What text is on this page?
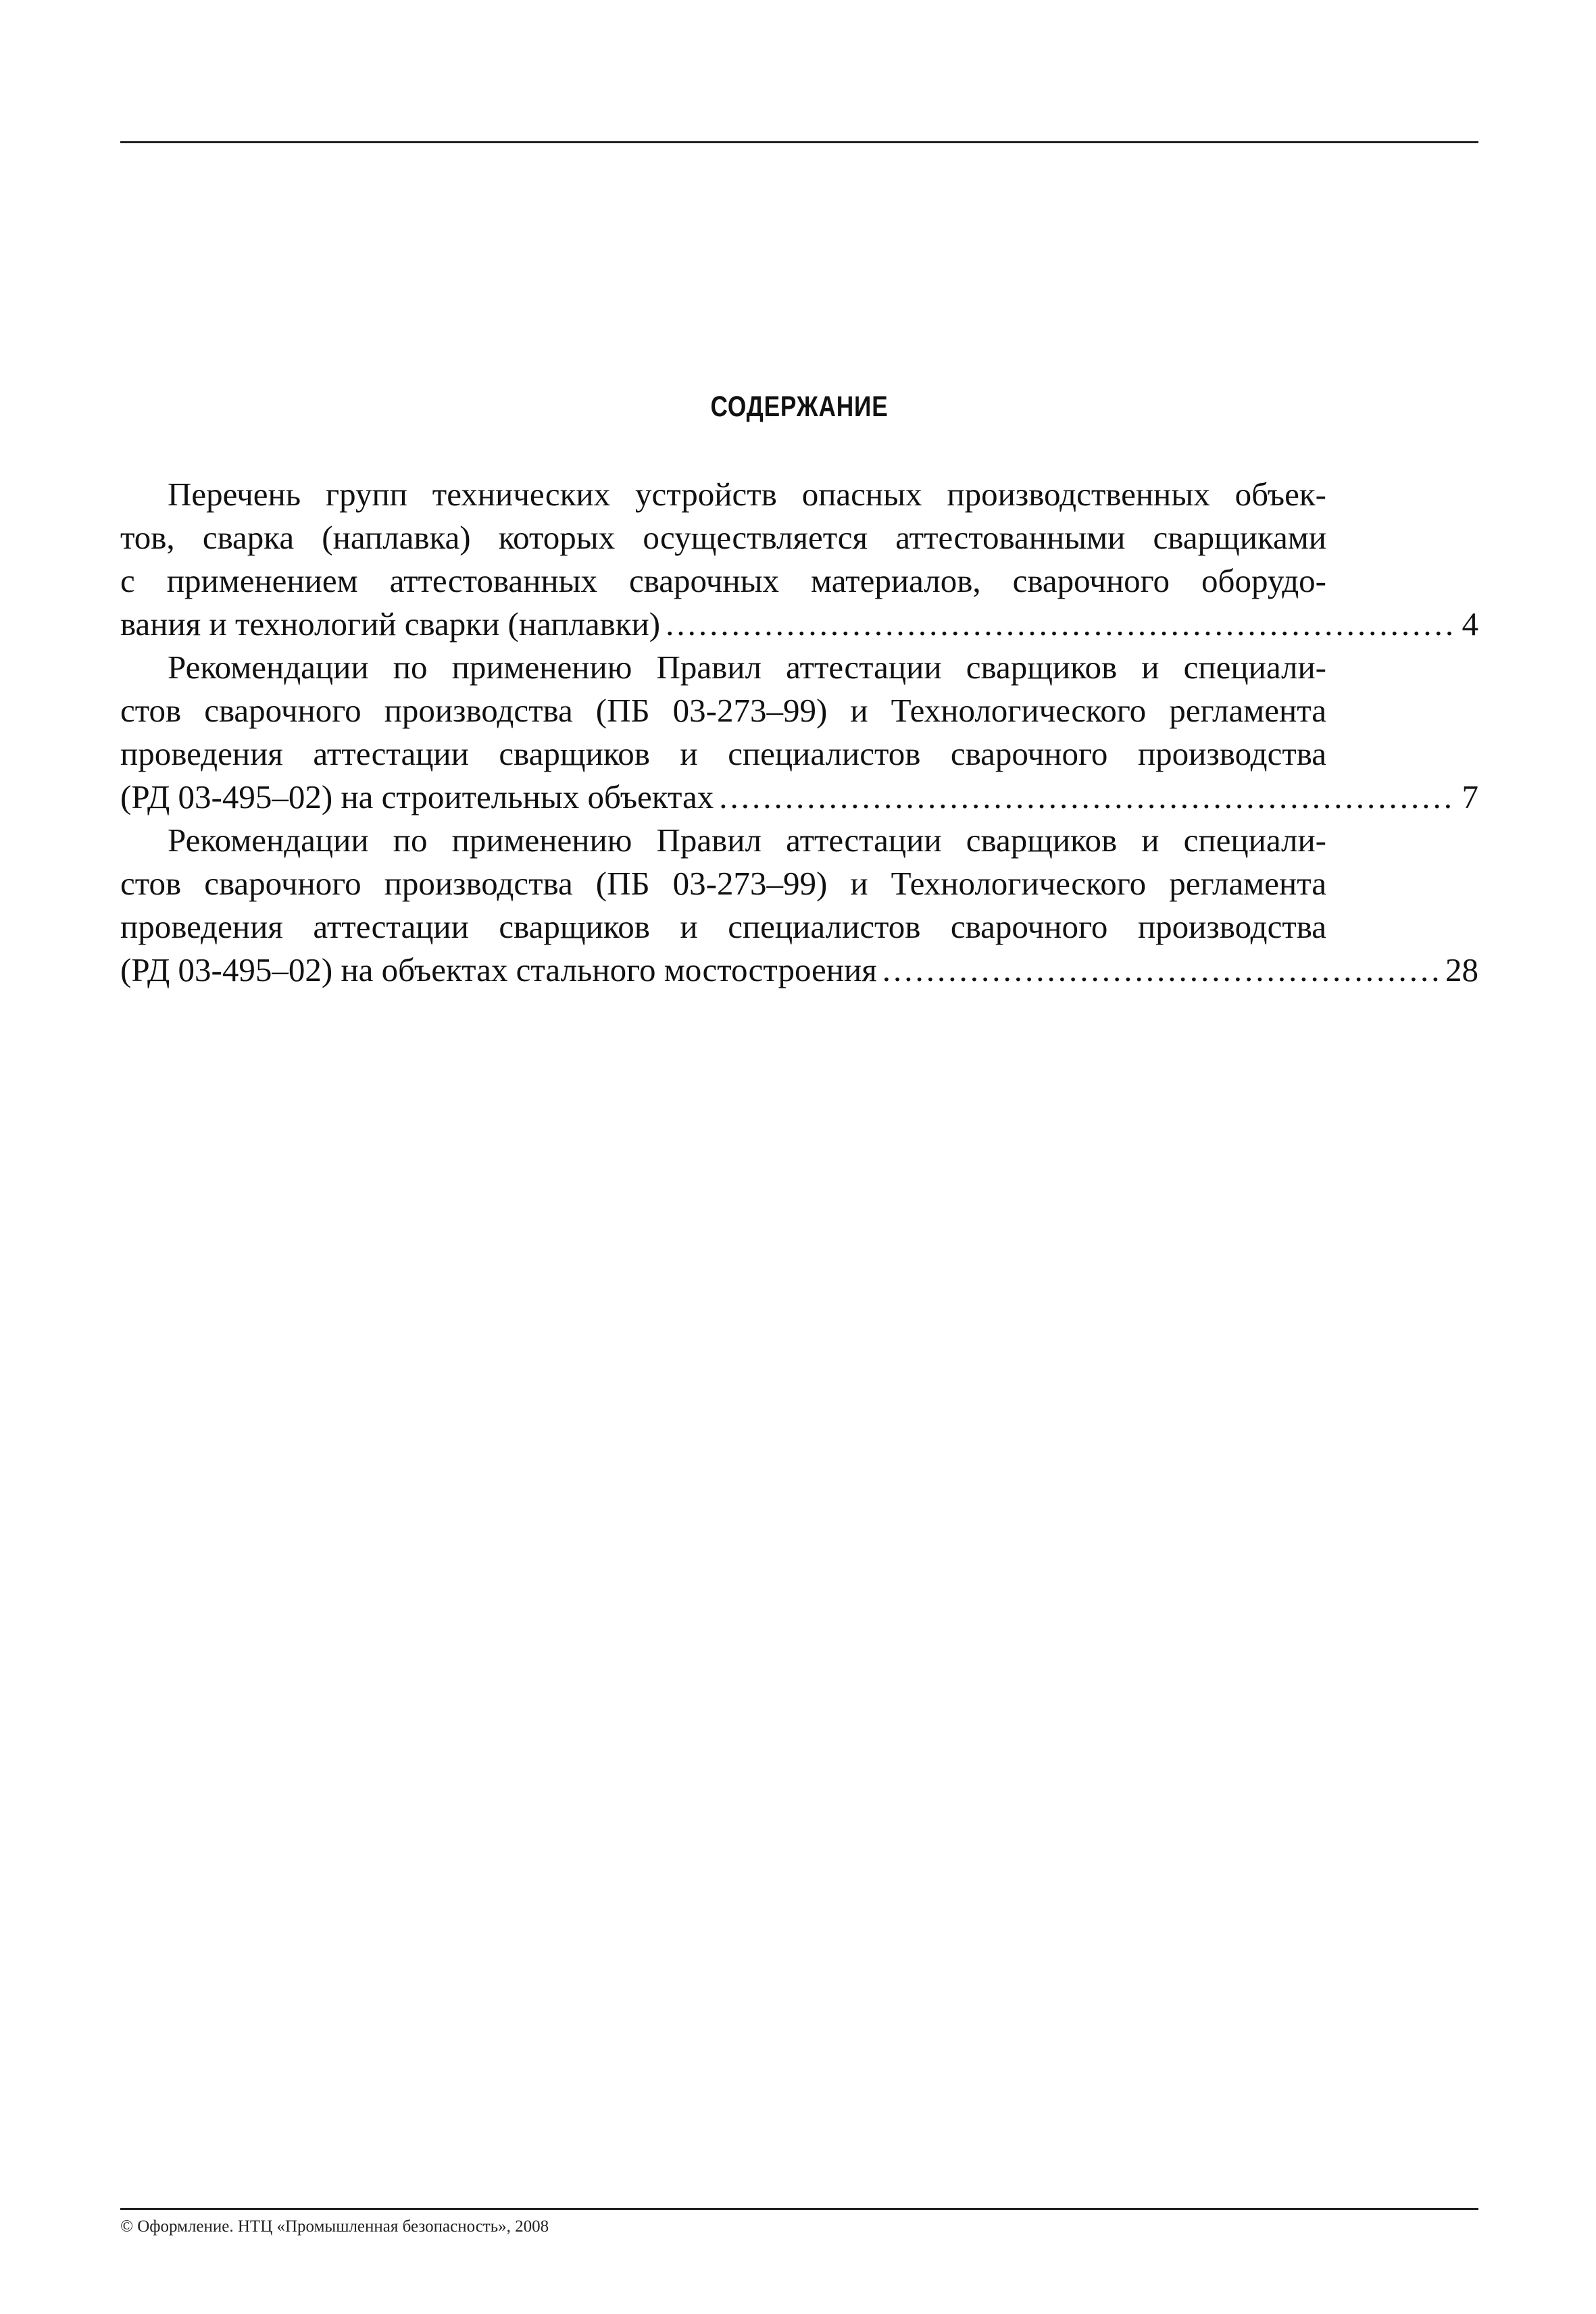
СОДЕРЖАНИЕ
Перечень групп технических устройств опасных производственных объек-
тов, сварка (наплавка) которых осуществляется аттестованными сварщиками
с применением аттестованных сварочных материалов, сварочного оборудо-
вания и технологий сварки (наплавки) .....	4
Рекомендации по применению Правил аттестации сварщиков и специали-
стов сварочного производства (ПБ 03-273–99) и Технологического регламента
проведения аттестации сварщиков и специалистов сварочного производства
(РД 03-495–02) на строительных объектах .....	7
Рекомендации по применению Правил аттестации сварщиков и специали-
стов сварочного производства (ПБ 03-273–99) и Технологического регламента
проведения аттестации сварщиков и специалистов сварочного производства
(РД 03-495–02) на объектах стального мостостроения .....	28
© Оформление. НТЦ «Промышленная безопасность», 2008
